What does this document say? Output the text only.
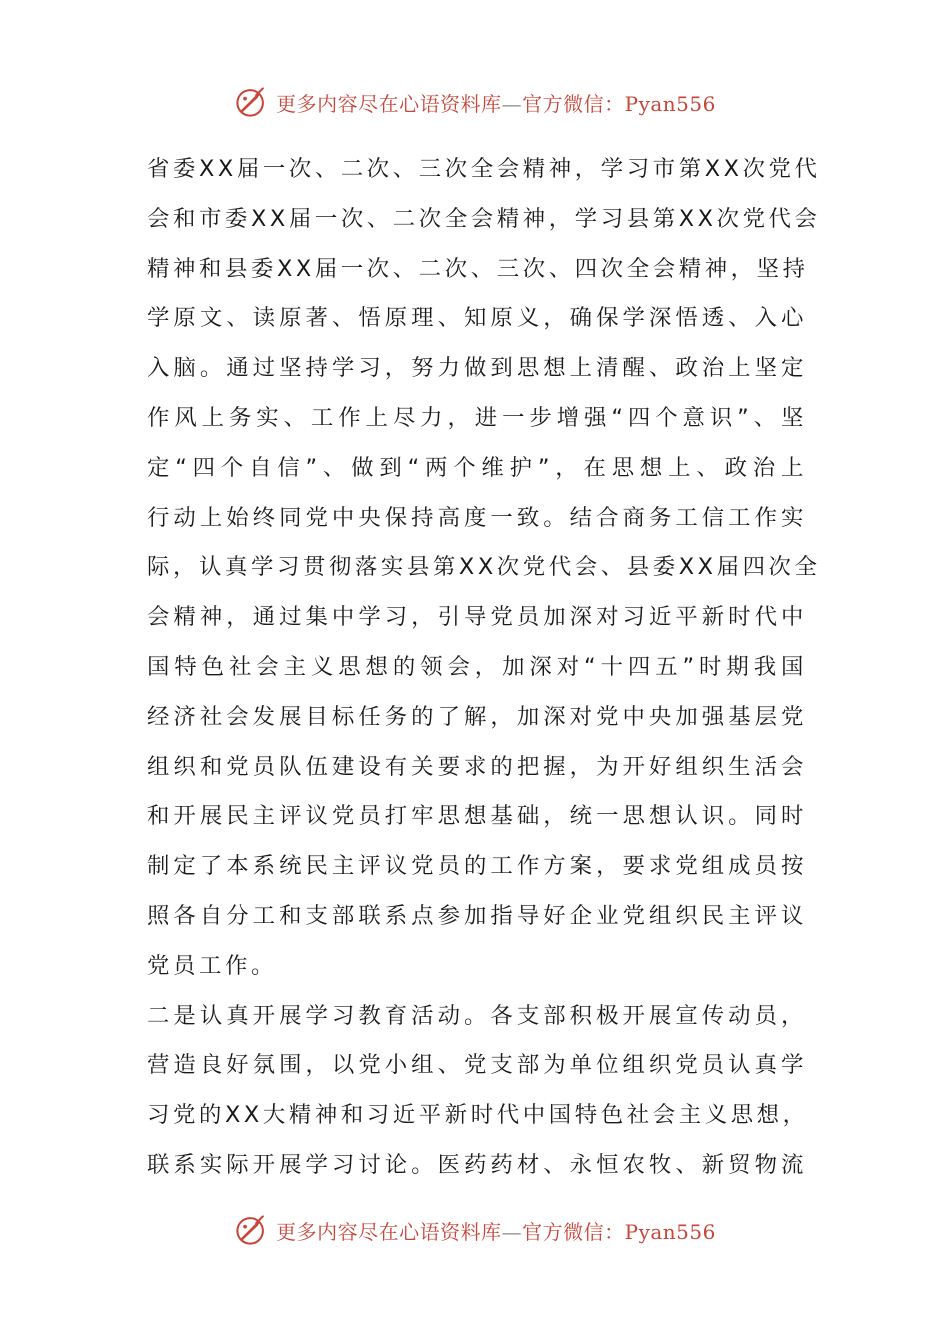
更多内容尽在心语资料库—官方微信：Pyan556

省委XX届一次、二次、三次全会精神，学习市第XX次党代
会和市委XX届一次、二次全会精神，学习县第XX次党代会
精神和县委XX届一次、二次、三次、四次全会精神，坚持
学原文、读原著、悟原理、知原义，确保学深悟透、入心
入脑。通过坚持学习，努力做到思想上清醒、政治上坚定
作风上务实、工作上尽力，进一步增强“四个意识”、坚
定“四个自信”、做到“两个维护”，在思想上、政治上
行动上始终同党中央保持高度一致。结合商务工信工作实
际，认真学习贯彻落实县第XX次党代会、县委XX届四次全
会精神，通过集中学习，引导党员加深对习近平新时代中
国特色社会主义思想的领会，加深对“十四五”时期我国
经济社会发展目标任务的了解，加深对党中央加强基层党
组织和党员队伍建设有关要求的把握，为开好组织生活会
和开展民主评议党员打牢思想基础，统一思想认识。同时
制定了本系统民主评议党员的工作方案，要求党组成员按
照各自分工和支部联系点参加指导好企业党组织民主评议
党员工作。

二是认真开展学习教育活动。各支部积极开展宣传动员，
营造良好氛围，以党小组、党支部为单位组织党员认真学
习党的XX大精神和习近平新时代中国特色社会主义思想，
联系实际开展学习讨论。医药药材、永恒农牧、新贸物流

更多内容尽在心语资料库—官方微信：Pyan556
